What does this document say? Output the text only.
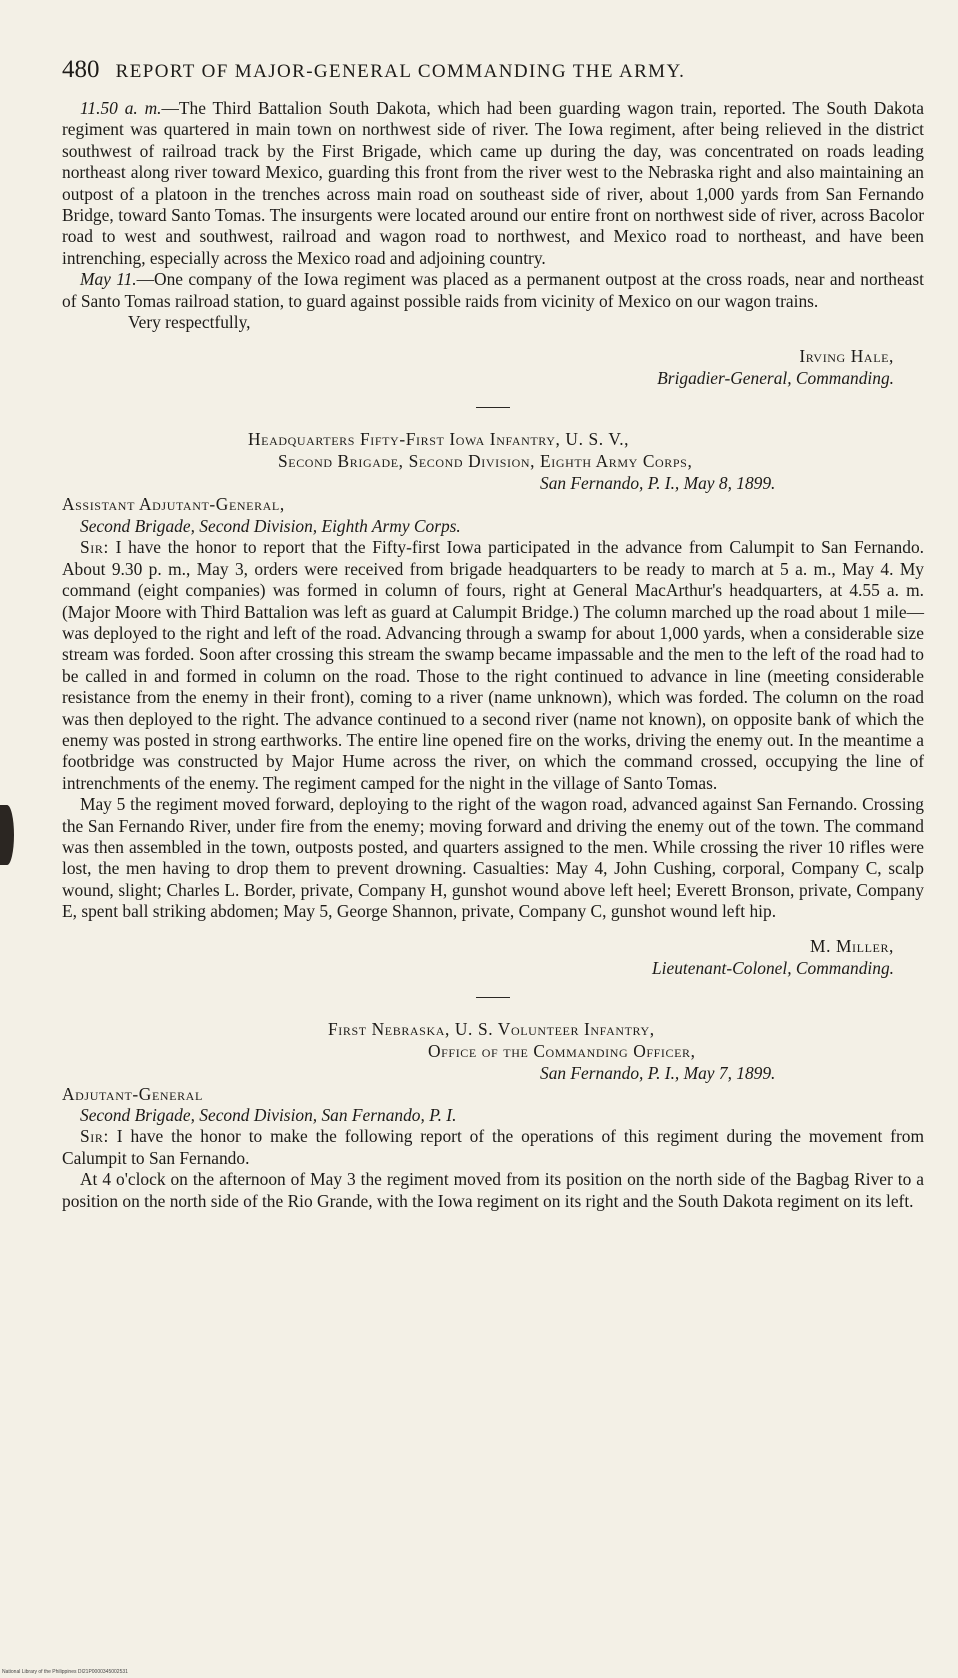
480 REPORT OF MAJOR-GENERAL COMMANDING THE ARMY.

11.50 a. m.—The Third Battalion South Dakota, which had been guarding wagon train, reported. The South Dakota regiment was quartered in main town on northwest side of river. The Iowa regiment, after being relieved in the district southwest of railroad track by the First Brigade, which came up during the day, was concentrated on roads leading northeast along river toward Mexico, guarding this front from the river west to the Nebraska right and also maintaining an outpost of a platoon in the trenches across main road on southeast side of river, about 1,000 yards from San Fernando Bridge, toward Santo Tomas. The insurgents were located around our entire front on northwest side of river, across Bacolor road to west and southwest, railroad and wagon road to northwest, and Mexico road to northeast, and have been intrenching, especially across the Mexico road and adjoining country.

May 11.—One company of the Iowa regiment was placed as a permanent outpost at the cross roads, near and northeast of Santo Tomas railroad station, to guard against possible raids from vicinity of Mexico on our wagon trains.

Very respectfully,
Irving Hale,
Brigadier-General, Commanding.
Headquarters Fifty-First Iowa Infantry, U. S. V.,
Second Brigade, Second Division, Eighth Army Corps,
San Fernando, P. I., May 8, 1899.
Assistant Adjutant-General,
Second Brigade, Second Division, Eighth Army Corps.

Sir: I have the honor to report that the Fifty-first Iowa participated in the advance from Calumpit to San Fernando. About 9.30 p. m., May 3, orders were received from brigade headquarters to be ready to march at 5 a. m., May 4. My command (eight companies) was formed in column of fours, right at General MacArthur's headquarters, at 4.55 a. m. (Major Moore with Third Battalion was left as guard at Calumpit Bridge.) The column marched up the road about 1 mile—was deployed to the right and left of the road. Advancing through a swamp for about 1,000 yards, when a considerable size stream was forded. Soon after crossing this stream the swamp became impassable and the men to the left of the road had to be called in and formed in column on the road. Those to the right continued to advance in line (meeting considerable resistance from the enemy in their front), coming to a river (name unknown), which was forded. The column on the road was then deployed to the right. The advance continued to a second river (name not known), on opposite bank of which the enemy was posted in strong earthworks. The entire line opened fire on the works, driving the enemy out. In the meantime a footbridge was constructed by Major Hume across the river, on which the command crossed, occupying the line of intrenchments of the enemy. The regiment camped for the night in the village of Santo Tomas.

May 5 the regiment moved forward, deploying to the right of the wagon road, advanced against San Fernando. Crossing the San Fernando River, under fire from the enemy; moving forward and driving the enemy out of the town. The command was then assembled in the town, outposts posted, and quarters assigned to the men. While crossing the river 10 rifles were lost, the men having to drop them to prevent drowning. Casualties: May 4, John Cushing, corporal, Company C, scalp wound, slight; Charles L. Border, private, Company H, gunshot wound above left heel; Everett Bronson, private, Company E, spent ball striking abdomen; May 5, George Shannon, private, Company C, gunshot wound left hip.

M. Miller,
Lieutenant-Colonel, Commanding.
First Nebraska, U. S. Volunteer Infantry,
Office of the Commanding Officer,
San Fernando, P. I., May 7, 1899.
Adjutant-General
Second Brigade, Second Division, San Fernando, P. I.

Sir: I have the honor to make the following report of the operations of this regiment during the movement from Calumpit to San Fernando.

At 4 o'clock on the afternoon of May 3 the regiment moved from its position on the north side of the Bagbag River to a position on the north side of the Rio Grande, with the Iowa regiment on its right and the South Dakota regiment on its left.

National Library of the Philippines DI21P0000345002531
